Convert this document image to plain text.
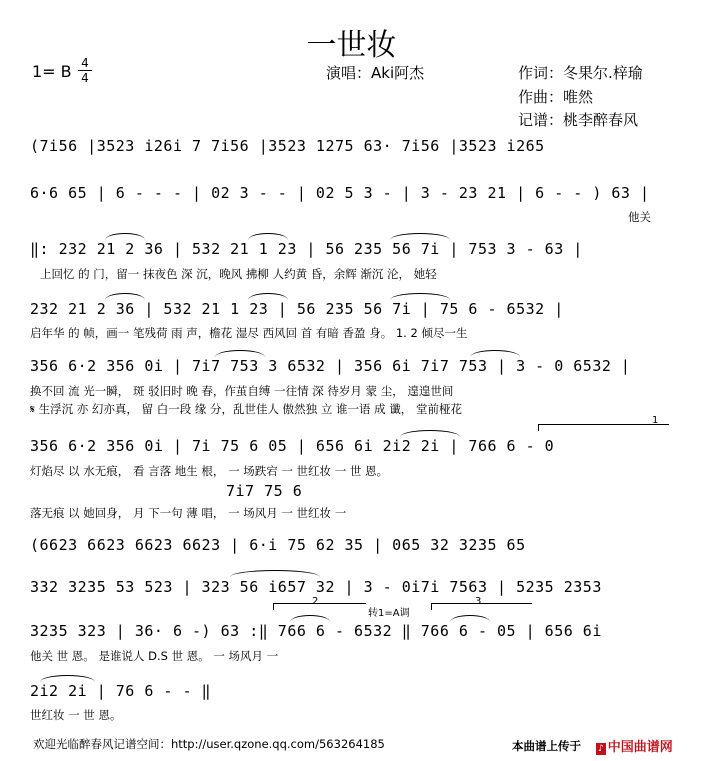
一世妆
1= B 4
4	演唱：Aki阿杰	作词：冬果尔.梓瑜
作曲：唯然
记谱：桃李醉春风
(7i56 |3523 i26i 7 7i56 |3523 1275 63· 7i56 |3523 i265
6·6 65 | 6 - - - | 02 3 - - | 02 5 3 - | 3 - 23 21 | 6 - - ) 63 |
他关
‖: 232 21 2 36 | 532 21 1 23 | 56 235 56 7i | 753 3 - 63 |
上回忆 的 门，留一 抹夜色 深 沉，晚风 拂柳 人约黄 昏，余辉 渐沉 沦， 她轻
232 21 2 36 | 532 21 1 23 | 56 235 56 7i | 75 6 - 6532 |
启年华 的 帧，画一 笔残荷 雨 声，檐花 湿尽 西风回 首 有暗 香盈 身。 1. 2 倾尽一生
356 6·2 356 0i | 7i7 753 3 6532 | 356 6i 7i7 753 | 3 - 0 6532 |
换不回 流 光一瞬， 斑 驳旧时 晚 春，作茧自缚 一往情 深 待岁月 蒙 尘， 遑遑世间
𝄋 生浮沉 亦 幻亦真， 留 白一段 缘 分，乱世佳人 傲然独 立 谁一语 成 谶， 堂前桠花
1
356 6·2 356 0i | 7i 75 6 05 | 656 6i 2i2 2i | 766 6 - 0
灯焰尽 以 水无痕， 看 言落 地生 根， 一 场跌宕 一 世红妆 一 世 恩。
7i7 75 6
落无痕 以 她回身， 月 下一句 薄 唱， 一 场风月 一 世红妆 一
(6623 6623 6623 6623 | 6·i 75 62 35 | 065 32 3235 65
332 3235 53 523 | 323 56 i657 32 | 3 - 0i7i 7563 | 5235 2353
2
转1=A调
3
3235 323 | 36· 6 -) 63 :‖ 766 6 - 6532 ‖ 766 6 - 05 | 656 6i
他关 世 恩。 是谁说人 D.S 世 恩。 一 场风月 一
2i2 2i | 76 6 - - ‖
世红妆 一 世 恩。
欢迎光临醉春风记谱空间：http://user.qzone.qq.com/563264185	本曲谱上传于 ♪ 中国曲谱网
